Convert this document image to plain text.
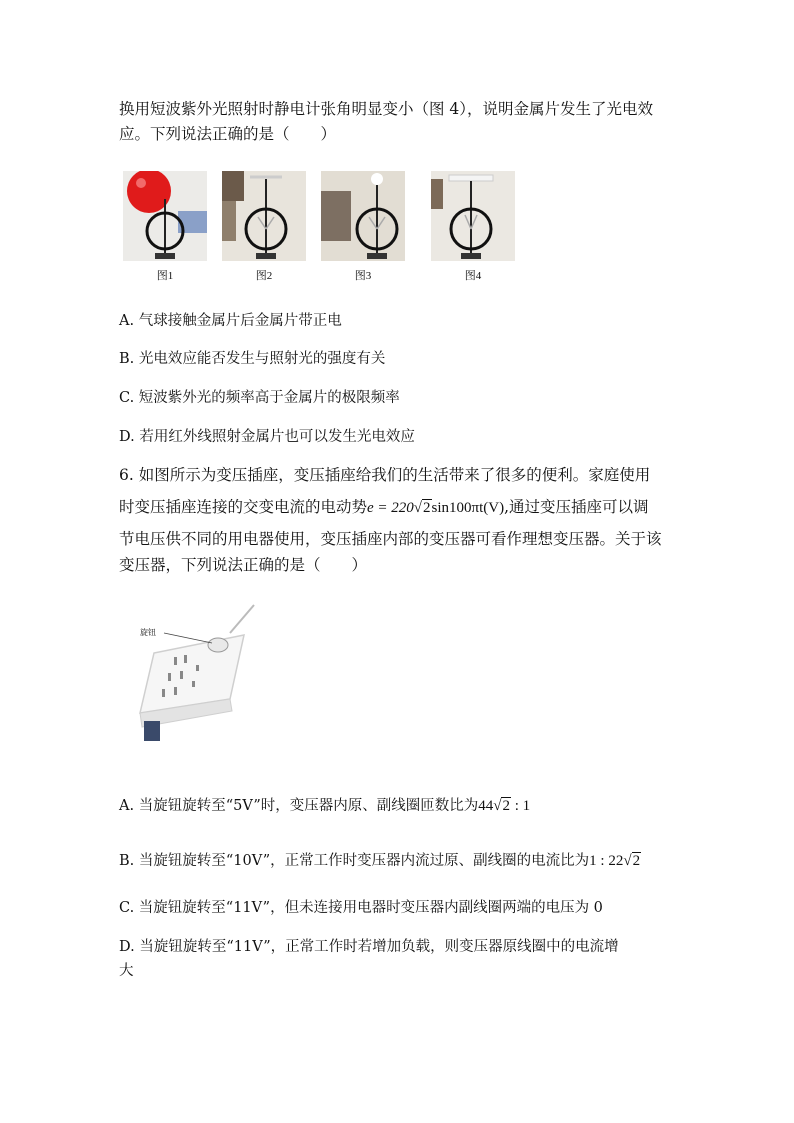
换用短波紫外光照射时静电计张角明显变小（图 4），说明金属片发生了光电效
应。下列说法正确的是（　　）
图1	图2	图3	图4
A. 气球接触金属片后金属片带正电
B. 光电效应能否发生与照射光的强度有关
C. 短波紫外光的频率高于金属片的极限频率
D. 若用红外线照射金属片也可以发生光电效应
6. 如图所示为变压插座，变压插座给我们的生活带来了很多的便利。家庭使用
时变压插座连接的交变电流的电动势e = 220√2sin100πt(V),通过变压插座可以调
节电压供不同的用电器使用，变压插座内部的变压器可看作理想变压器。关于该
变压器，下列说法正确的是（　　）
旋钮
A. 当旋钮旋转至“5V”时，变压器内原、副线圈匝数比为44√2 : 1
B. 当旋钮旋转至“10V”，正常工作时变压器内流过原、副线圈的电流比为1 : 22√2
C. 当旋钮旋转至“11V”，但未连接用电器时变压器内副线圈两端的电压为 0
D. 当旋钮旋转至“11V”，正常工作时若增加负载，则变压器原线圈中的电流增
大
